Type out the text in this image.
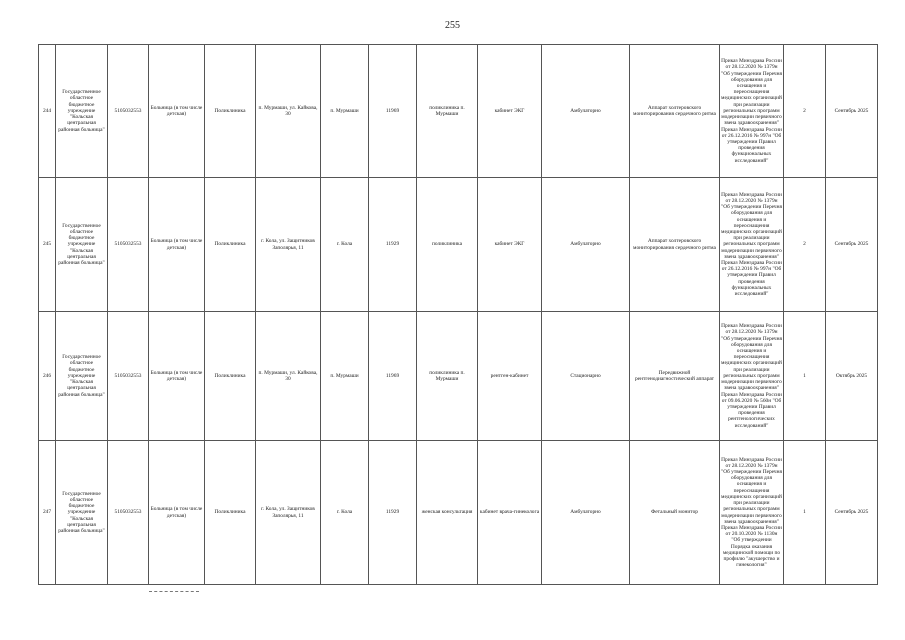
255
244	Государственное областное бюджетное учреждение "Кольская центральная районная больница"	5105032553	Больница (в том числе детская)	Поликлиника	п. Мурмаши, ул. Кайкова, 30	п. Мурмаши	11969	поликлиника п. Мурмаши	кабинет ЭКГ	Амбулаторно	Аппарат холтеровского мониторирования сердечного ритма	Приказ Минздрава России от 28.12.2020 № 1379н "Об утверждении Перечня оборудования для оснащения и переоснащения медицинских организаций при реализации региональных программ модернизации первичного звена здравоохранения" Приказ Минздрава России от 26.12.2016 № 997н "Об утверждении Правил проведения функциональных исследований"	2	Сентябрь 2025
245	Государственное областное бюджетное учреждение "Кольская центральная районная больница"	5105032553	Больница (в том числе детская)	Поликлиника	г. Кола, ул. Защитников Заполярья, 11	г. Кола	11929	поликлиника	кабинет ЭКГ	Амбулаторно	Аппарат холтеровского мониторирования сердечного ритма	Приказ Минздрава России от 28.12.2020 № 1379н "Об утверждении Перечня оборудования для оснащения и переоснащения медицинских организаций при реализации региональных программ модернизации первичного звена здравоохранения" Приказ Минздрава России от 26.12.2016 № 997н "Об утверждении Правил проведения функциональных исследований"	2	Сентябрь 2025
246	Государственное областное бюджетное учреждение "Кольская центральная районная больница"	5105032553	Больница (в том числе детская)	Поликлиника	п. Мурмаши, ул. Кайкова, 30	п. Мурмаши	11969	поликлиника п. Мурмаши	рентген-кабинет	Стационарно	Передвижной рентгенодиагностический аппарат	Приказ Минздрава России от 28.12.2020 № 1379н "Об утверждении Перечня оборудования для оснащения и переоснащения медицинских организаций при реализации региональных программ модернизации первичного звена здравоохранения" Приказ Минздрава России от 09.06.2020 № 560н "Об утверждении Правил проведения рентгенологических исследований"	1	Октябрь 2025
247	Государственное областное бюджетное учреждение "Кольская центральная районная больница"	5105032553	Больница (в том числе детская)	Поликлиника	г. Кола, ул. Защитников Заполярья, 11	г. Кола	11929	женская консультация	кабинет врача-гинеколога	Амбулаторно	Фетальный монитор	Приказ Минздрава России от 28.12.2020 № 1379н "Об утверждении Перечня оборудования для оснащения и переоснащения медицинских организаций при реализации региональных программ модернизации первичного звена здравоохранения" Приказ Минздрава России от 20.10.2020 № 1130н "Об утверждении Порядка оказания медицинской помощи по профилю "акушерство и гинекология"	1	Сентябрь 2025
